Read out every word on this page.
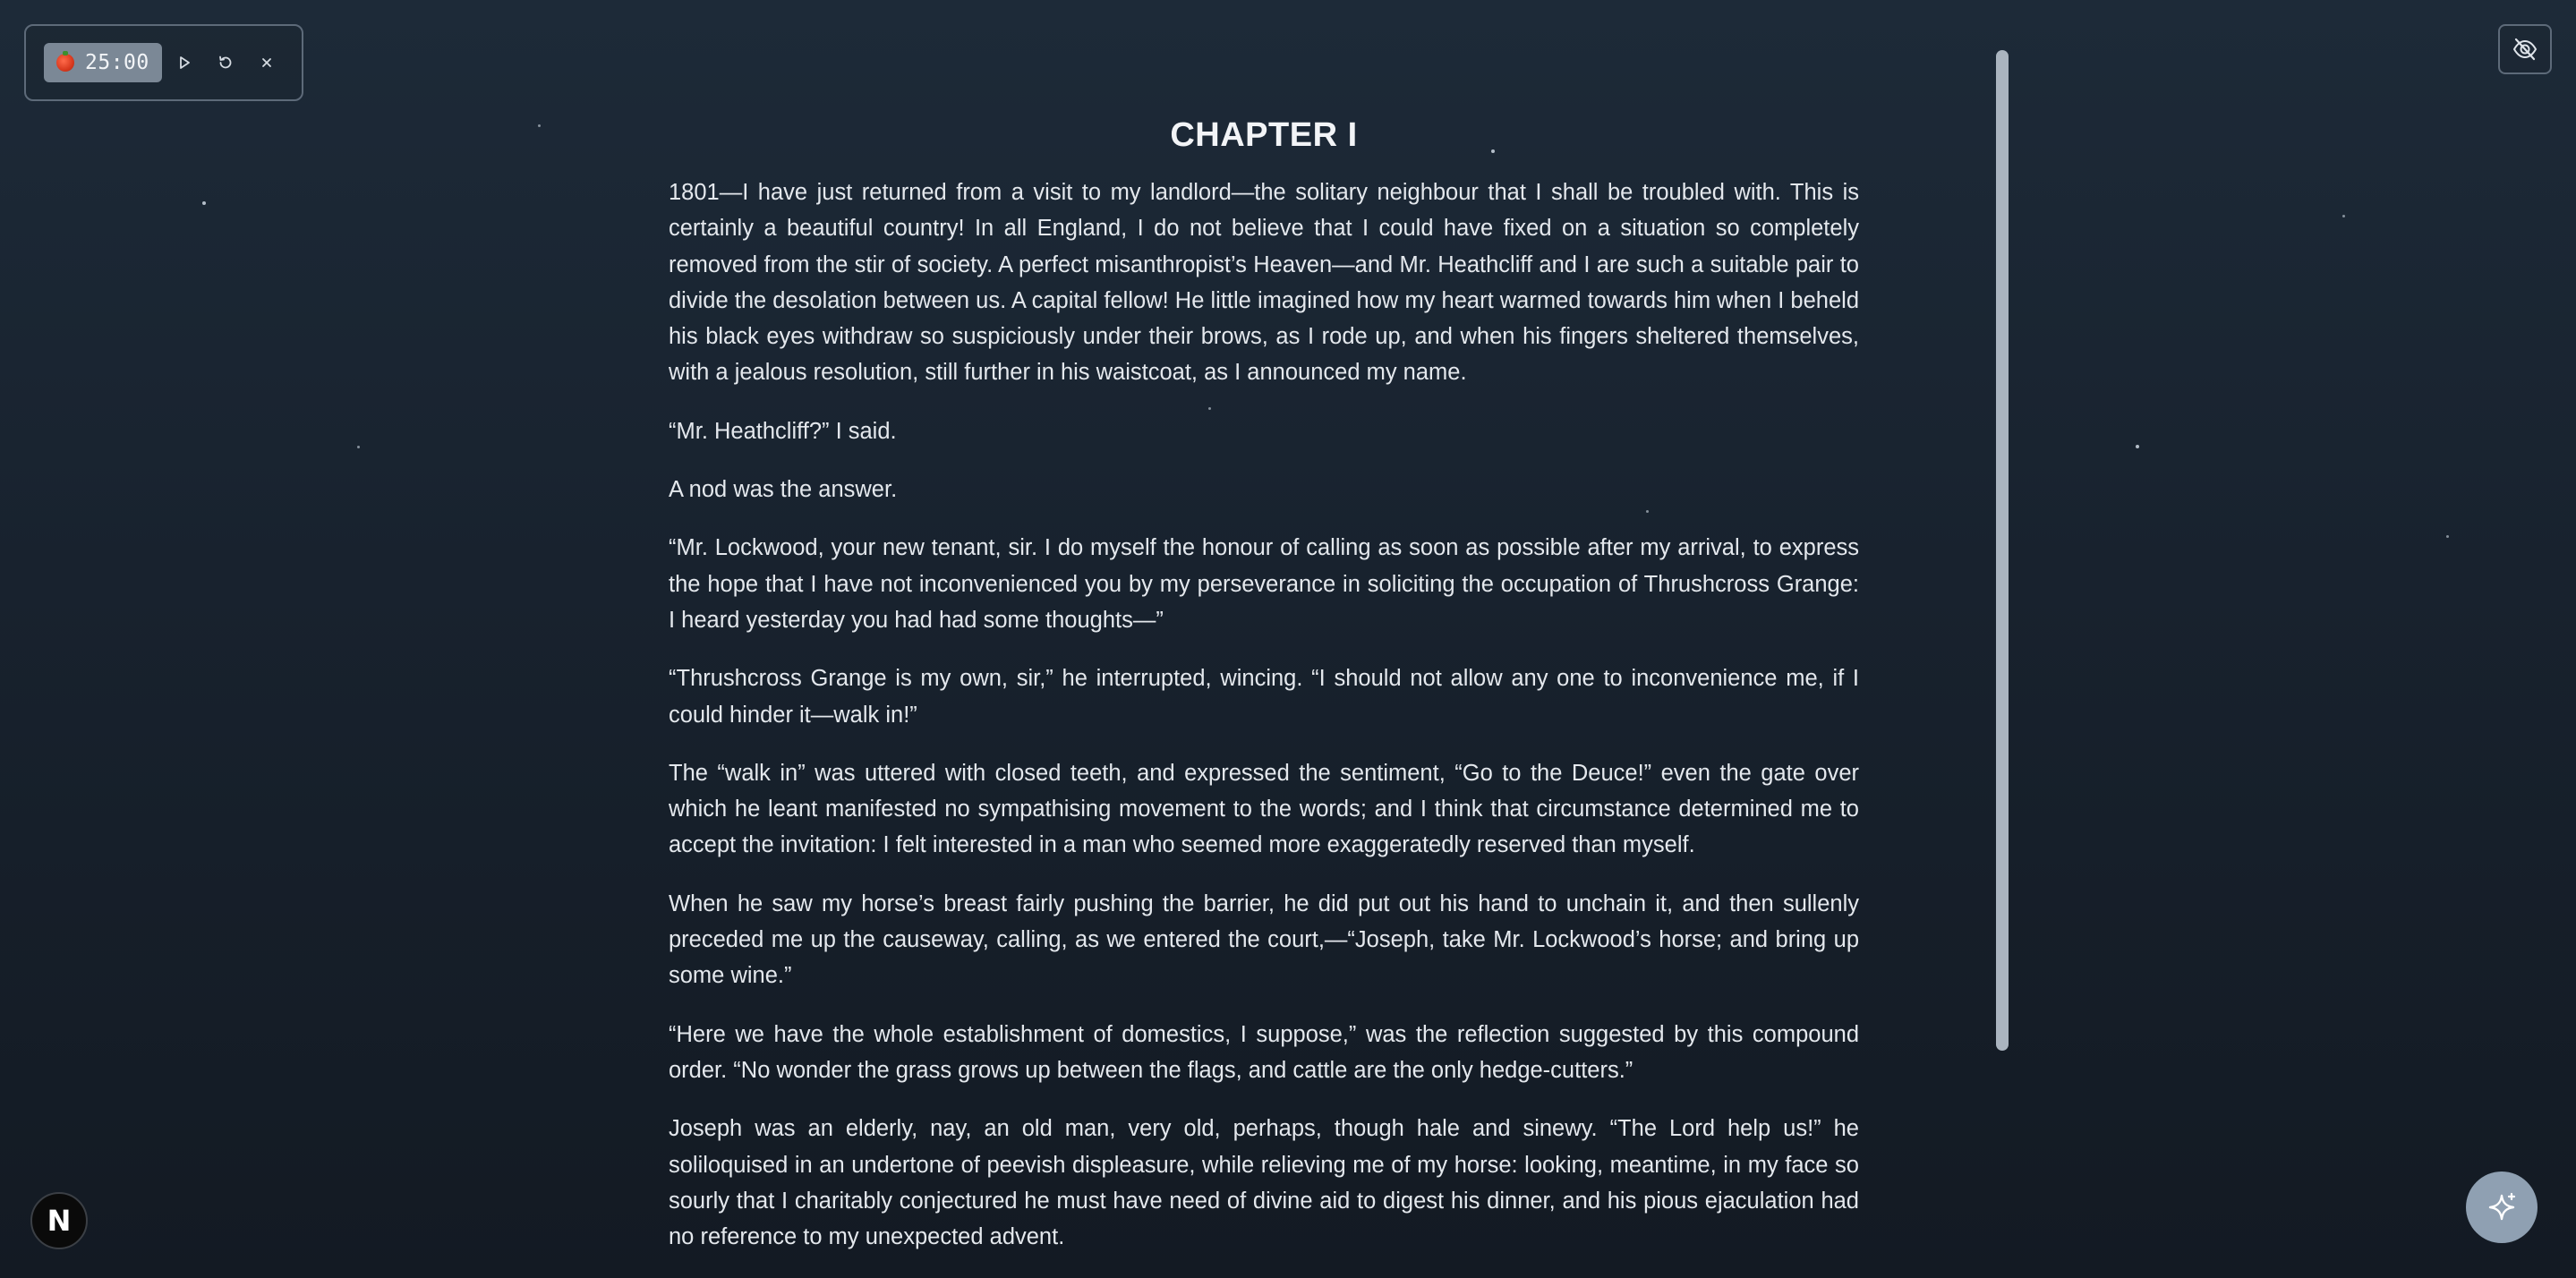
25:00
CHAPTER I

1801—I have just returned from a visit to my landlord—the solitary neighbour that I shall be troubled with. This is certainly a beautiful country! In all England, I do not believe that I could have fixed on a situation so completely removed from the stir of society. A perfect misanthropist’s Heaven—and Mr. Heathcliff and I are such a suitable pair to divide the desolation between us. A capital fellow! He little imagined how my heart warmed towards him when I beheld his black eyes withdraw so suspiciously under their brows, as I rode up, and when his fingers sheltered themselves, with a jealous resolution, still further in his waistcoat, as I announced my name.

“Mr. Heathcliff?” I said.

A nod was the answer.

“Mr. Lockwood, your new tenant, sir. I do myself the honour of calling as soon as possible after my arrival, to express the hope that I have not inconvenienced you by my perseverance in soliciting the occupation of Thrushcross Grange: I heard yesterday you had had some thoughts—”

“Thrushcross Grange is my own, sir,” he interrupted, wincing. “I should not allow any one to inconvenience me, if I could hinder it—walk in!”

The “walk in” was uttered with closed teeth, and expressed the sentiment, “Go to the Deuce!” even the gate over which he leant manifested no sympathising movement to the words; and I think that circumstance determined me to accept the invitation: I felt interested in a man who seemed more exaggeratedly reserved than myself.

When he saw my horse’s breast fairly pushing the barrier, he did put out his hand to unchain it, and then sullenly preceded me up the causeway, calling, as we entered the court,—“Joseph, take Mr. Lockwood’s horse; and bring up some wine.”

“Here we have the whole establishment of domestics, I suppose,” was the reflection suggested by this compound order. “No wonder the grass grows up between the flags, and cattle are the only hedge-cutters.”

Joseph was an elderly, nay, an old man, very old, perhaps, though hale and sinewy. “The Lord help us!” he soliloquised in an undertone of peevish displeasure, while relieving me of my horse: looking, meantime, in my face so sourly that I charitably conjectured he must have need of divine aid to digest his dinner, and his pious ejaculation had no reference to my unexpected advent.

N
